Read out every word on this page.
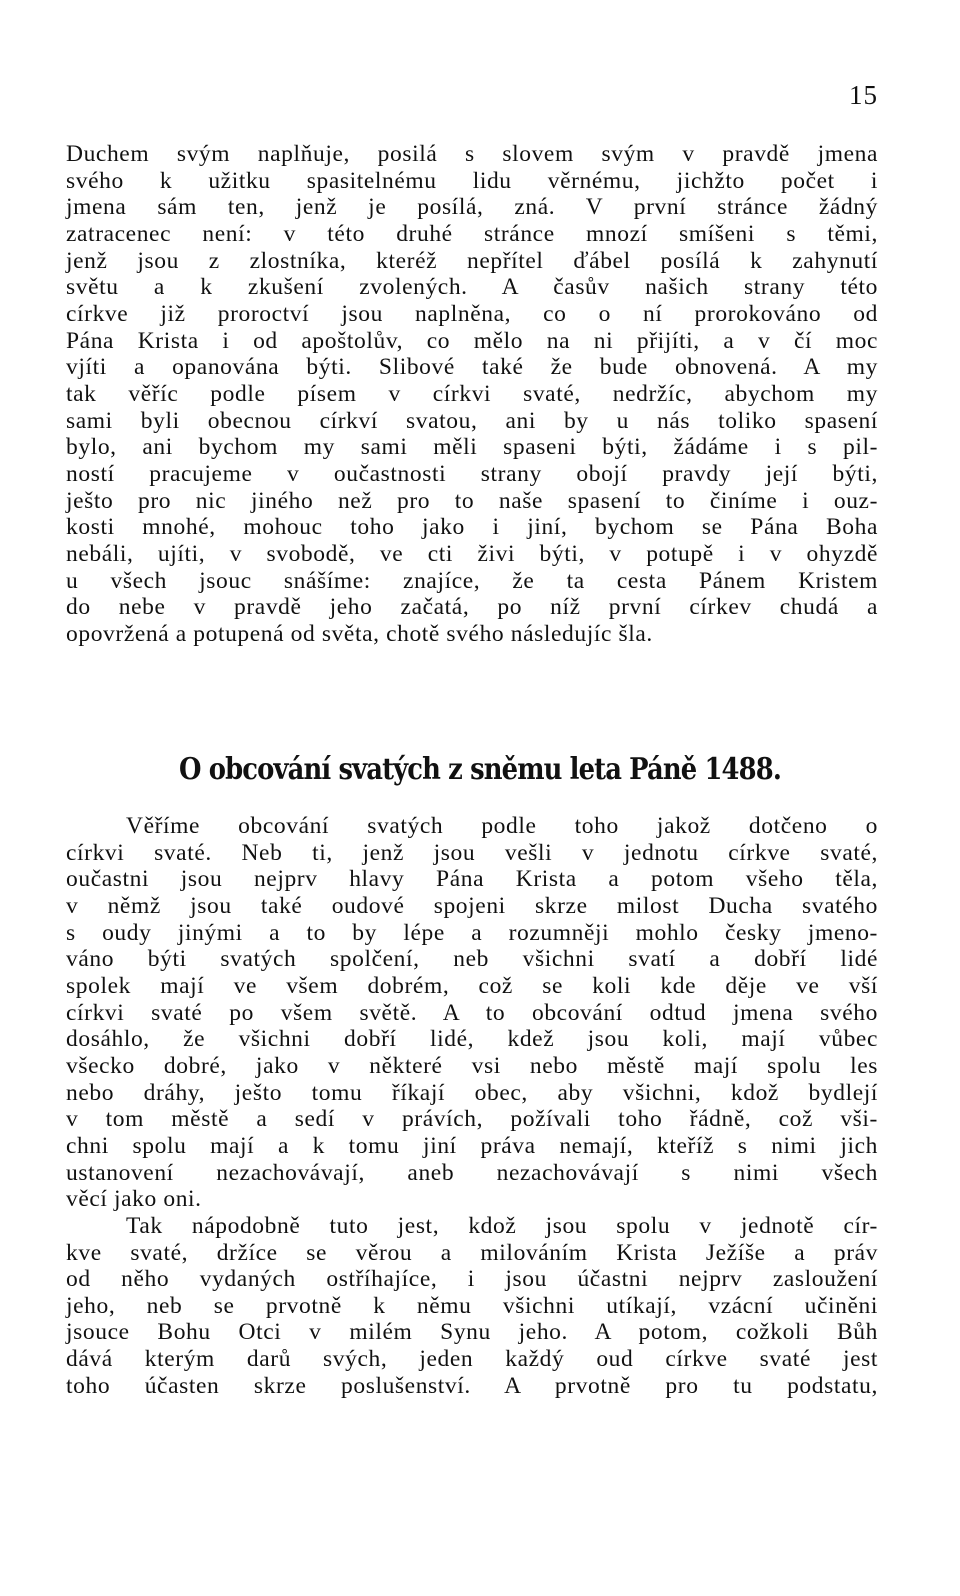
15
Duchem svým naplňuje, posilá s slovem svým v pravdě jmena
svého k užitku spasitelnému lidu věrnému, jichžto počet i
jmena sám ten, jenž je posílá, zná. V první stránce žádný
zatracenec není: v této druhé stránce mnozí smíšeni s těmi,
jenž jsou z zlostníka, kteréž nepřítel ďábel posílá k zahynutí
světu a k zkušení zvolených. A časův našich strany této
církve již proroctví jsou naplněna, co o ní prorokováno od
Pána Krista i od apoštolův, co mělo na ni přijíti, a v čí moc
vjíti a opanována býti. Slibové také že bude obnovená. A my
tak věříc podle písem v církvi svaté, nedržíc, abychom my
sami byli obecnou církví svatou, ani by u nás toliko spasení
bylo, ani bychom my sami měli spaseni býti, žádáme i s pil-
ností pracujeme v oučastnosti strany obojí pravdy její býti,
ješto pro nic jiného než pro to naše spasení to činíme i ouz-
kosti mnohé, mohouc toho jako i jiní, bychom se Pána Boha
nebáli, ujíti, v svobodě, ve cti živi býti, v potupě i v ohyzdě
u všech jsouc snášíme: znajíce, že ta cesta Pánem Kristem
do nebe v pravdě jeho začatá, po níž první církev chudá a
opovržená a potupená od světa, chotě svého následujíc šla.
O obcování svatých z sněmu leta Páně 1488.
Věříme obcování svatých podle toho jakož dotčeno o
církvi svaté. Neb ti, jenž jsou vešli v jednotu církve svaté,
oučastni jsou nejprv hlavy Pána Krista a potom všeho těla,
v němž jsou také oudové spojeni skrze milost Ducha svatého
s oudy jinými a to by lépe a rozumněji mohlo česky jmeno-
váno býti svatých spolčení, neb všichni svatí a dobří lidé
spolek mají ve všem dobrém, což se koli kde děje ve vší
církvi svaté po všem světě. A to obcování odtud jmena svého
dosáhlo, že všichni dobří lidé, kdež jsou koli, mají vůbec
všecko dobré, jako v některé vsi nebo městě mají spolu les
nebo dráhy, ješto tomu říkají obec, aby všichni, kdož bydlejí
v tom městě a sedí v právích, požívali toho řádně, což vši-
chni spolu mají a k tomu jiní práva nemají, kteříž s nimi jich
ustanovení nezachovávají, aneb nezachovávají s nimi všech
věcí jako oni.
Tak nápodobně tuto jest, kdož jsou spolu v jednotě cír-
kve svaté, držíce se věrou a milováním Krista Ježíše a práv
od něho vydaných ostříhajíce, i jsou účastni nejprv zasloužení
jeho, neb se prvotně k němu všichni utíkají, vzácní učiněni
jsouce Bohu Otci v milém Synu jeho. A potom, cožkoli Bůh
dává kterým darů svých, jeden každý oud církve svaté jest
toho účasten skrze poslušenství. A prvotně pro tu podstatu,
